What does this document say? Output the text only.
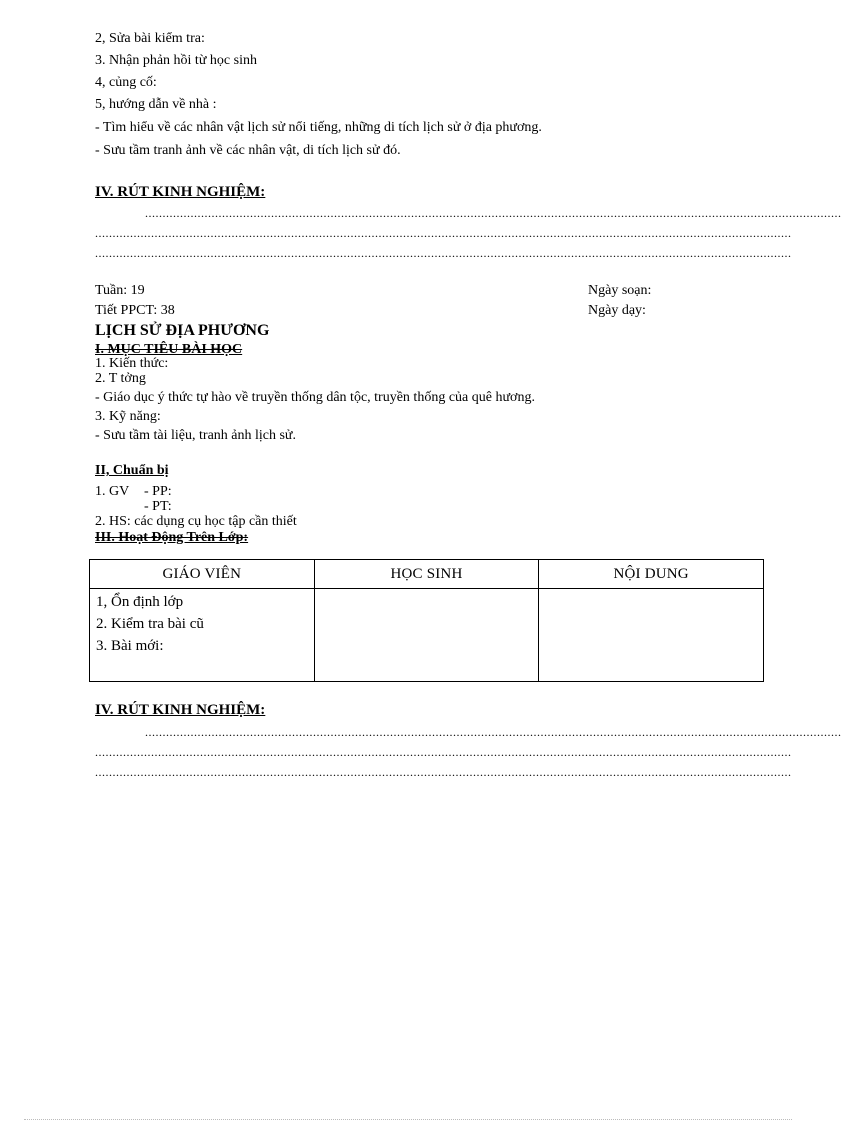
2, Sửa bài kiểm tra:
3. Nhận phản hồi từ học sinh
4, củng cố:
5, hướng dẫn về nhà :
- Tìm hiểu về các nhân vật lịch sử nổi tiếng, những di tích lịch sử ở địa phương.
- Sưu tầm tranh ảnh về các nhân vật, di tích lịch sử đó.
IV. RÚT KINH NGHIỆM:
.......................................................................................................................................................................................................
.......................................................................................................................................................................................................
.......................................................................................................................................................................................................
Tuần: 19
Tiết PPCT: 38
Ngày soạn:
Ngày dạy:
LỊCH SỬ ĐỊA PHƯƠNG
I. MỤC TIÊU BÀI HỌC
1. Kiến thức:
2. T tởng
- Giáo dục ý thức tự hào về truyền thống dân tộc, truyền thống của quê hương.
3. Kỹ năng:
- Sưu tầm tài liệu, tranh ảnh lịch sử.
II, Chuẩn bị
1. GV - PP:
- PT:
2. HS: các dụng cụ học tập cần thiết
III. Hoạt Động Trên Lớp:
GIÁO VIÊN	HỌC SINH	NỘI DUNG

1, Ổn định lớp
2. Kiểm tra bài cũ
3. Bài mới:		

IV. RÚT KINH NGHIỆM:
.......................................................................................................................................................................................................
.......................................................................................................................................................................................................
.......................................................................................................................................................................................................
